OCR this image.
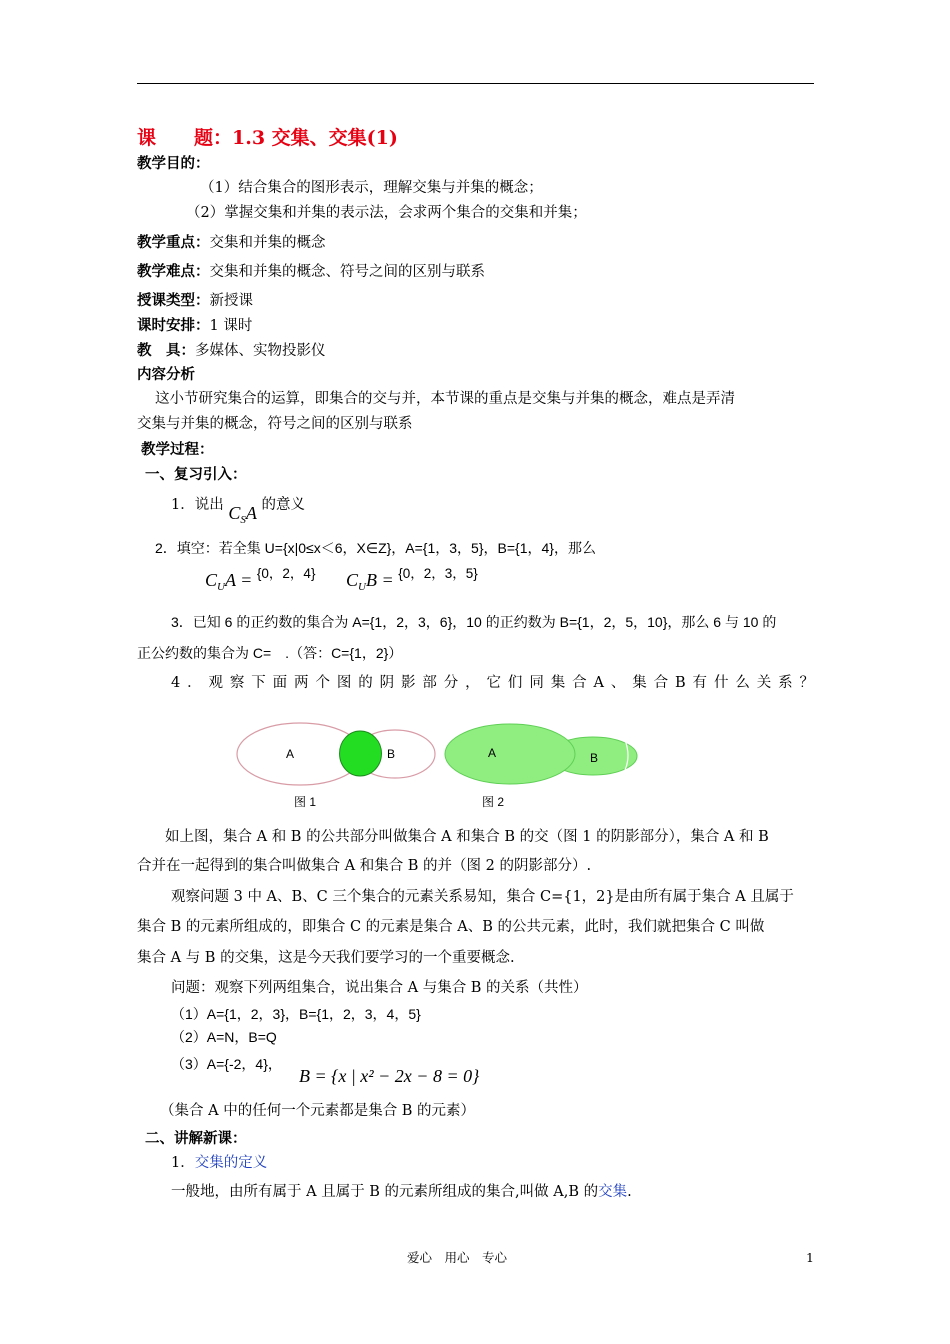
课　　题：1.3 交集、交集(1)
教学目的：
（1）结合集合的图形表示，理解交集与并集的概念；
（2）掌握交集和并集的表示法，会求两个集合的交集和并集；
教学重点：交集和并集的概念
教学难点：交集和并集的概念、符号之间的区别与联系
授课类型：新授课
课时安排：1 课时
教　具：多媒体、实物投影仪
内容分析
这小节研究集合的运算，即集合的交与并，本节课的重点是交集与并集的概念，难点是弄清
交集与并集的概念，符号之间的区别与联系
教学过程：
一、复习引入：
1．说出 $C_SA$ 的意义
2．填空：若全集 U={x|0≤x＜6，X∈Z}，A={1，3，5}，B={1，4}，那么
$C_UA = \{0$，2，4} $C_UB = \{0$，2，3，5}
3．已知 6 的正约数的集合为 A={1，2，3，6}，10 的正约数为 B={1，2，5，10}，那么 6 与 10 的
正公约数的集合为 C=　.（答：C={1，2}）
4．观察下面两个图的阴影部分，它们同集合A、集合B有什么关系？
A	B	A	B
图 1	图 2
如上图，集合 A 和 B 的公共部分叫做集合 A 和集合 B 的交（图 1 的阴影部分），集合 A 和 B
合并在一起得到的集合叫做集合 A 和集合 B 的并（图 2 的阴影部分）.
观察问题 3 中 A、B、C 三个集合的元素关系易知，集合 C={1，2}是由所有属于集合 A 且属于
集合 B 的元素所组成的，即集合 C 的元素是集合 A、B 的公共元素，此时，我们就把集合 C 叫做
集合 A 与 B 的交集，这是今天我们要学习的一个重要概念.
问题：观察下列两组集合，说出集合 A 与集合 B 的关系（共性）
（1）A={1，2，3}，B={1，2，3，4，5}
（2）A=N，B=Q
（3）A={-2，4}，
B = {x | x² − 2x − 8 = 0}
（集合 A 中的任何一个元素都是集合 B 的元素）
二、讲解新课：
1．交集的定义
一般地，由所有属于 A 且属于 B 的元素所组成的集合,叫做 A,B 的交集.
爱心　用心　专心	1
